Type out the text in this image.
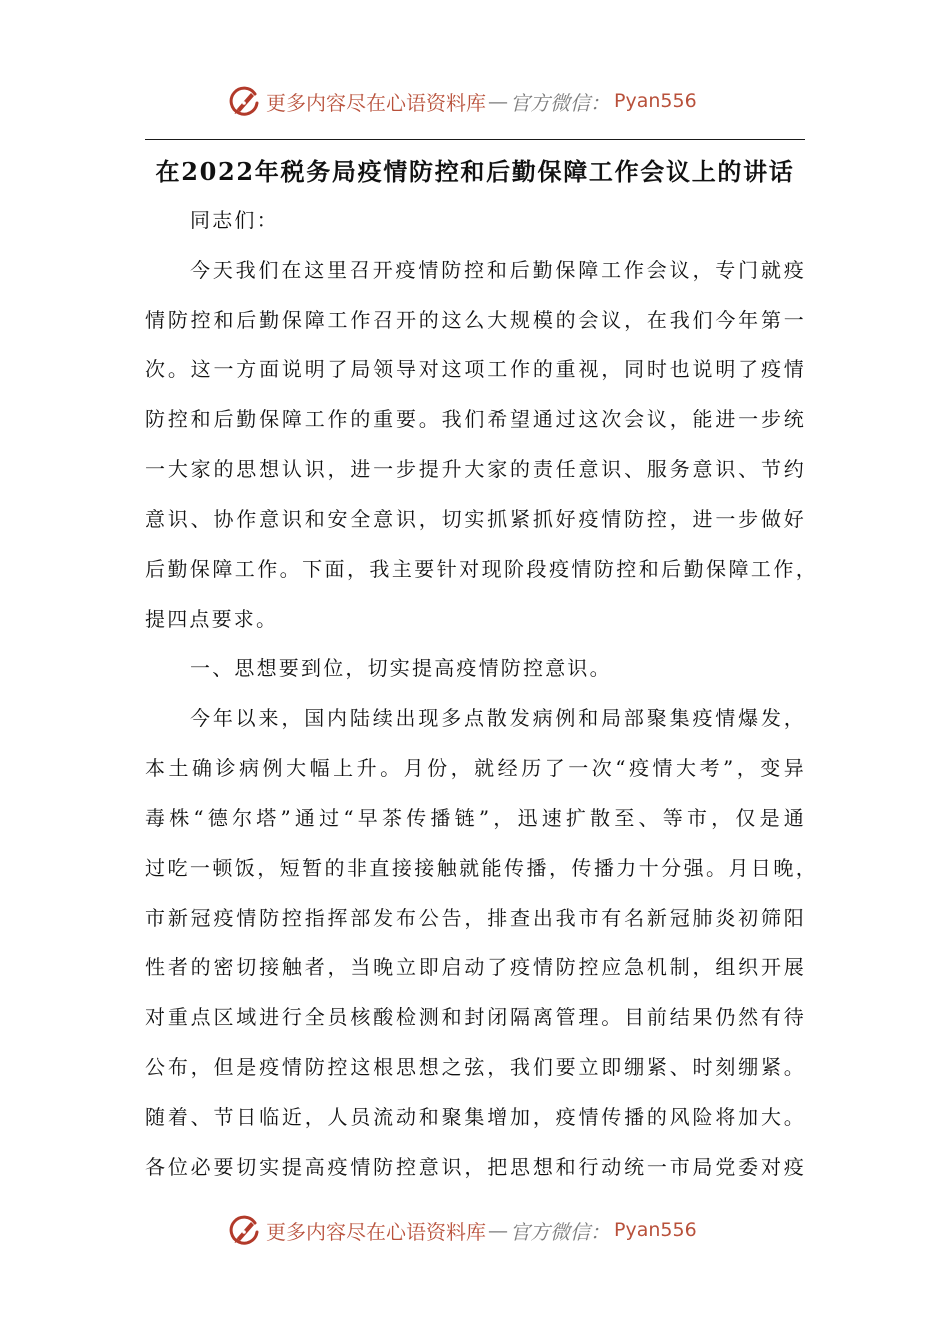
更多内容尽在心语资料库 — 官方微信： Pyan556
在2022年税务局疫情防控和后勤保障工作会议上的讲话
同志们：
今天我们在这里召开疫情防控和后勤保障工作会议，专门就疫
情防控和后勤保障工作召开的这么大规模的会议，在我们今年第一
次。这一方面说明了局领导对这项工作的重视，同时也说明了疫情
防控和后勤保障工作的重要。我们希望通过这次会议，能进一步统
一大家的思想认识，进一步提升大家的责任意识、服务意识、节约
意识、协作意识和安全意识，切实抓紧抓好疫情防控，进一步做好
后勤保障工作。下面，我主要针对现阶段疫情防控和后勤保障工作，
提四点要求。
一、思想要到位，切实提高疫情防控意识。
今年以来，国内陆续出现多点散发病例和局部聚集疫情爆发，
本土确诊病例大幅上升。月份，就经历了一次“疫情大考”，变异
毒株“德尔塔”通过“早茶传播链”，迅速扩散至、等市，仅是通
过吃一顿饭，短暂的非直接接触就能传播，传播力十分强。月日晚，
市新冠疫情防控指挥部发布公告，排查出我市有名新冠肺炎初筛阳
性者的密切接触者，当晚立即启动了疫情防控应急机制，组织开展
对重点区域进行全员核酸检测和封闭隔离管理。目前结果仍然有待
公布，但是疫情防控这根思想之弦，我们要立即绷紧、时刻绷紧。
随着、节日临近，人员流动和聚集增加，疫情传播的风险将加大。
各位必要切实提高疫情防控意识，把思想和行动统一市局党委对疫
更多内容尽在心语资料库 — 官方微信： Pyan556
